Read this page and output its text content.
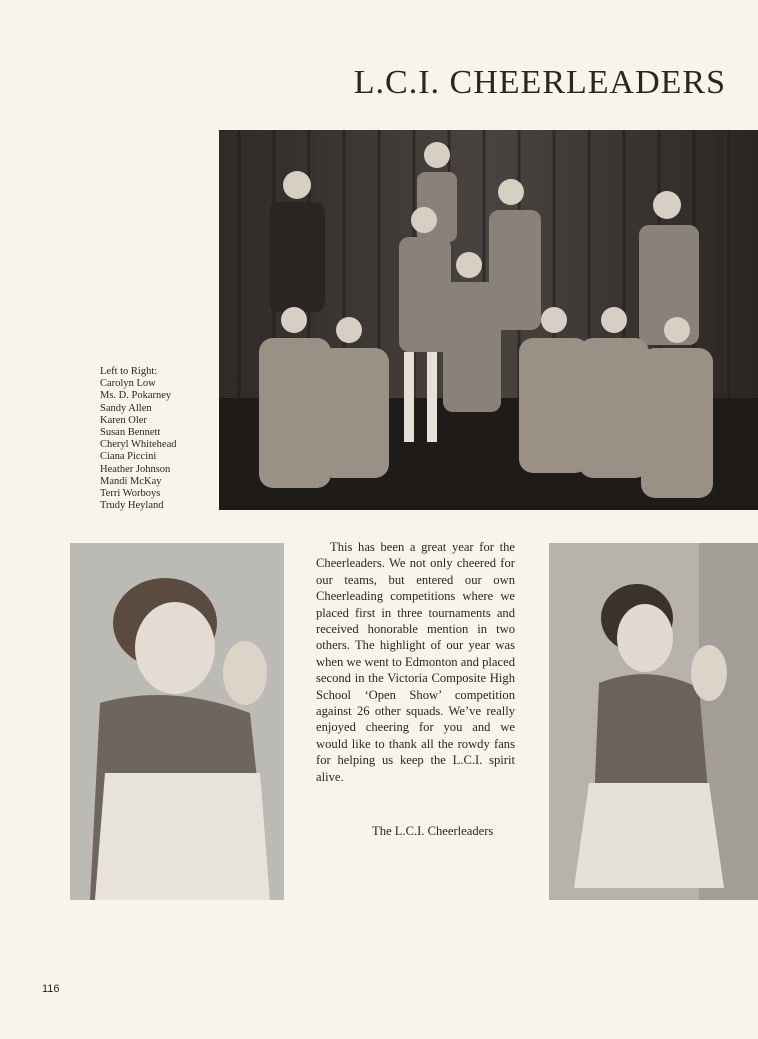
L.C.I. CHEERLEADERS
Left to Right:
Carolyn Low
Ms. D. Pokarney
Sandy Allen
Karen Oler
Susan Bennett
Cheryl Whitehead
Ciana Piccini
Heather Johnson
Mandi McKay
Terri Worboys
Trudy Heyland
This has been a great year for the Cheerleaders. We not only cheered for our teams, but entered our own Cheerleading competitions where we placed first in three tournaments and received honorable mention in two others. The highlight of our year was when we went to Edmonton and placed second in the Victoria Composite High School ‘Open Show’ competition against 26 other squads. We’ve really enjoyed cheering for you and we would like to thank all the rowdy fans for helping us keep the L.C.I. spirit alive.
The L.C.I. Cheerleaders
116
